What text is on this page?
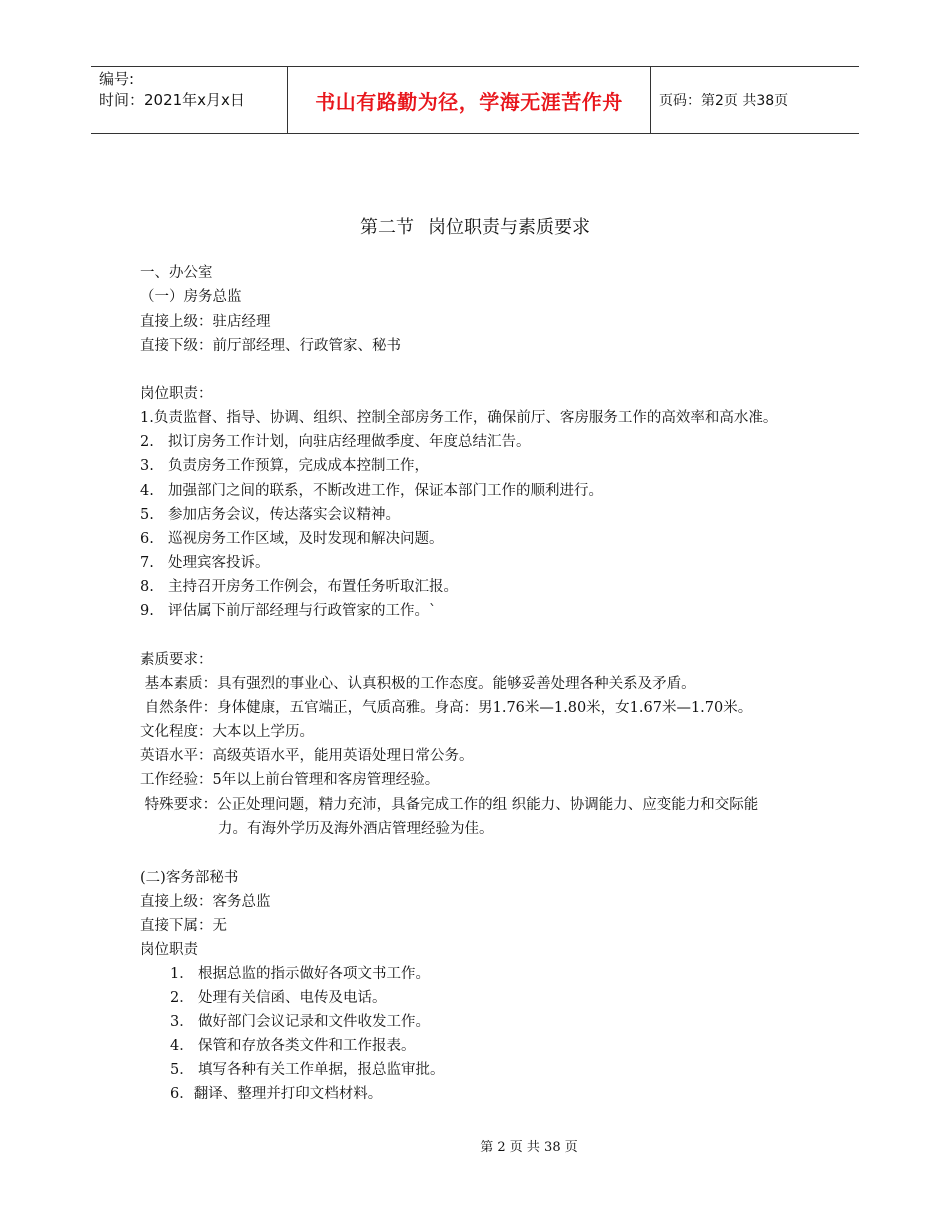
编号:
时间：2021年x月x日	书山有路勤为径，学海无涯苦作舟	页码：第2页 共38页
第二节 岗位职责与素质要求
一、办公室
（一）房务总监
直接上级：驻店经理
直接下级：前厅部经理、行政管家、秘书
岗位职责：
1.负责监督、指导、协调、组织、控制全部房务工作，确保前厅、客房服务工作的高效率和高水准。
2. 拟订房务工作计划，向驻店经理做季度、年度总结汇告。
3. 负责房务工作预算，完成成本控制工作，
4. 加强部门之间的联系，不断改进工作，保证本部门工作的顺利进行。
5. 参加店务会议，传达落实会议精神。
6. 巡视房务工作区域，及时发现和解决问题。
7. 处理宾客投诉。
8. 主持召开房务工作例会，布置任务听取汇报。
9. 评估属下前厅部经理与行政管家的工作。`
素质要求：
基本素质：具有强烈的事业心、认真积极的工作态度。能够妥善处理各种关系及矛盾。
自然条件：身体健康，五官端正，气质高雅。身高：男1.76米—1.80米，女1.67米—1.70米。
文化程度：大本以上学历。
英语水平：高级英语水平，能用英语处理日常公务。
工作经验：5年以上前台管理和客房管理经验。
特殊要求：公正处理问题，精力充沛，具备完成工作的组 织能力、协调能力、应变能力和交际能
力。有海外学历及海外酒店管理经验为佳。
(二)客务部秘书
直接上级：客务总监
直接下属：无
岗位职责
1． 根据总监的指示做好各项文书工作。
2． 处理有关信函、电传及电话。
3． 做好部门会议记录和文件收发工作。
4． 保管和存放各类文件和工作报表。
5． 填写各种有关工作单据，报总监审批。
6．翻译、整理并打印文档材料。
第 2 页 共 38 页
